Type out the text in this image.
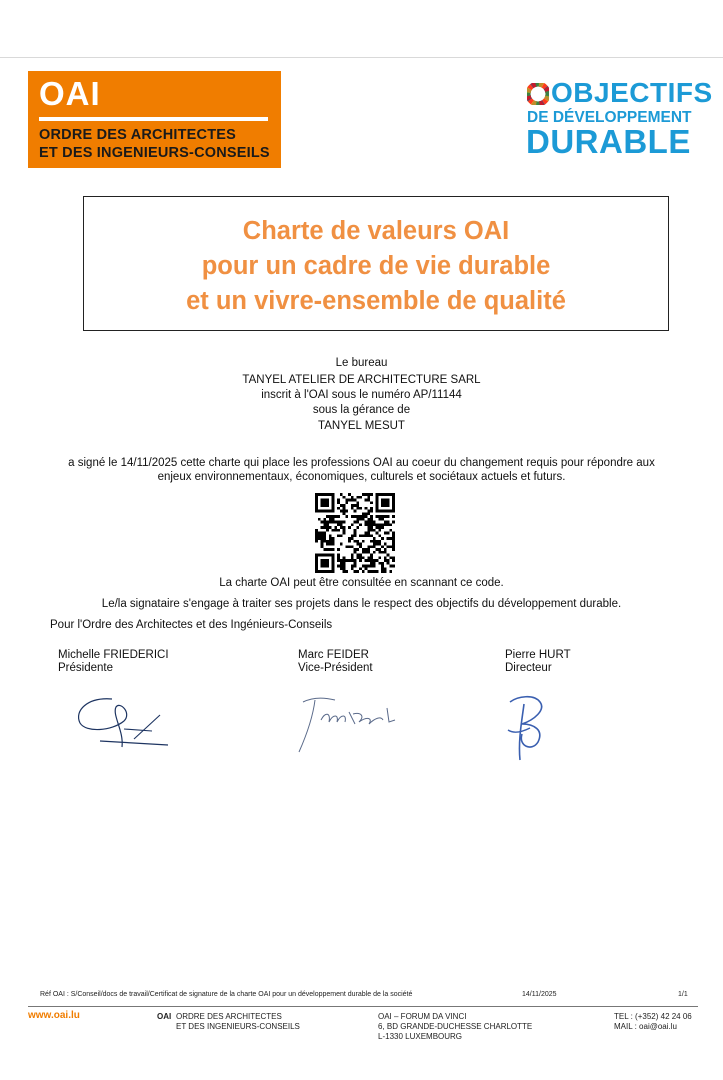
OAI
ORDRE DES ARCHITECTES
ET DES INGENIEURS-CONSEILS
OBJECTIFS
DE DÉVELOPPEMENT
DURABLE
Charte de valeurs OAI
pour un cadre de vie durable
et un vivre-ensemble de qualité
Le bureau
TANYEL ATELIER DE ARCHITECTURE SARL
inscrit à l'OAI sous le numéro AP/11144
sous la gérance de
TANYEL MESUT
a signé le 14/11/2025 cette charte qui place les professions OAI au coeur du changement requis pour répondre aux
enjeux environnementaux, économiques, culturels et sociétaux actuels et futurs.
La charte OAI peut être consultée en scannant ce code.
Le/la signataire s'engage à traiter ses projets dans le respect des objectifs du développement durable.
Pour l'Ordre des Architectes et des Ingénieurs-Conseils
Michelle FRIEDERICI
Présidente
Marc FEIDER
Vice-Président
Pierre HURT
Directeur
Réf OAI : S/Conseil/docs de travail/Certificat de signature de la charte OAI pour un développement durable de la société	14/11/2025	1/1
www.oai.lu	OAI ORDRE DES ARCHITECTES
ET DES INGENIEURS-CONSEILS
OAI – FORUM DA VINCI
6, BD GRANDE-DUCHESSE CHARLOTTE
L-1330 LUXEMBOURG
TEL : (+352) 42 24 06
MAIL : oai@oai.lu
